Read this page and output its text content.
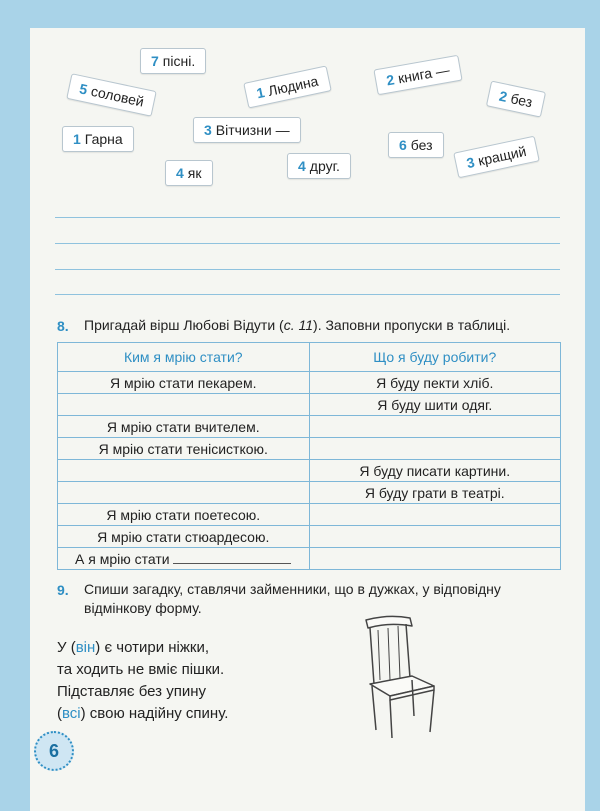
7 пісні.
5соловей	1Людина	2книга —
2без
1 Гарна
3 Вітчизни —
6 без
3кращий
4 як	4 друг.
8. Пригадай вірш Любові Відути (с. 11). Заповни пропуски в таблиці.
Ким я мрію стати?	Що я буду робити?
Я мрію стати пекарем.	Я буду пекти хліб.
	Я буду шити одяг.
Я мрію стати вчителем.	
Я мрію стати тенісисткою.	
	Я буду писати картини.
	Я буду грати в театрі.
Я мрію стати поетесою.	
Я мрію стати стюардесою.	
А я мрію стати	
9. Спиши загадку, ставлячи займенники, що в дужках, у відповідну
відмінкову форму.
У (він) є чотири ніжки,
та ходить не вміє пішки.
Підставляє без упину
(всі) свою надійну спину.
6
